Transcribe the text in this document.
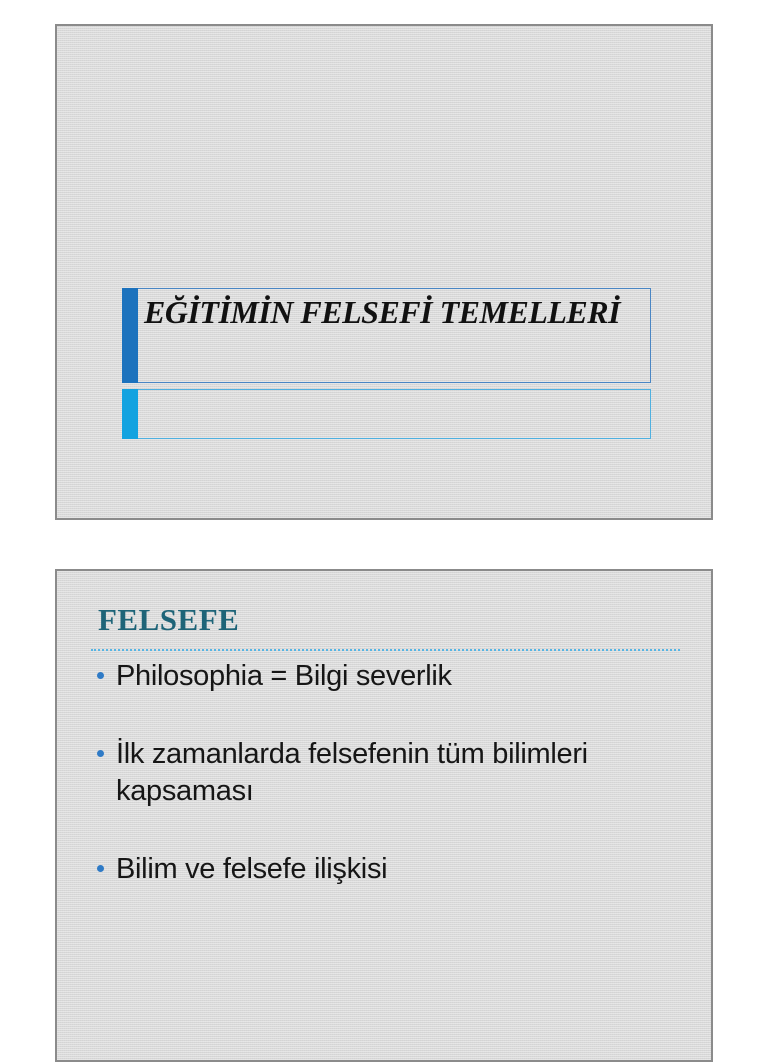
EĞİTİMİN FELSEFİ TEMELLERİ
FELSEFE
Philosophia = Bilgi severlik
İlk zamanlarda felsefenin tüm bilimleri kapsaması
Bilim ve felsefe ilişkisi
